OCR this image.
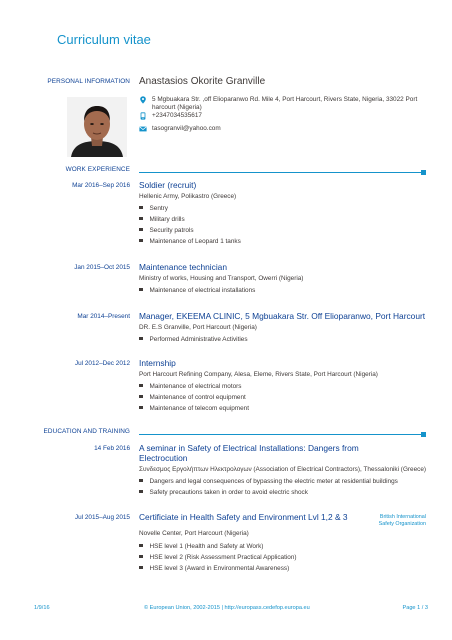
Curriculum vitae
PERSONAL INFORMATION Anastasios Okorite Granville
5 Mgbuakara Str. ,off Elioparanwo Rd. Mile 4, Port Harcourt, Rivers State, Nigeria, 33022 Port harcourt (Nigeria)
+2347034535617
tasogranvil@yahoo.com
WORK EXPERIENCE
Mar 2016–Sep 2016 Soldier (recruit)
Hellenic Army, Polikastro (Greece)
Sentry
Military drills
Security patrols
Maintenance of Leopard 1 tanks
Jan 2015–Oct 2015 Maintenance technician
Ministry of works, Housing and Transport, Owerri (Nigeria)
Maintenance of electrical installations
Mar 2014–Present Manager, EKEEMA CLINIC, 5 Mgbuakara Str. Off Elioparanwo, Port Harcourt
DR. E.S Granville, Port Harcourt (Nigeria)
Performed Administrative Activities
Jul 2012–Dec 2012 Internship
Port Harcourt Refining Company, Alesa, Eleme, Rivers State, Port Harcourt (Nigeria)
Maintenance of electrical motors
Maintenance of control equipment
Maintenance of telecom equipment
EDUCATION AND TRAINING
14 Feb 2016 A seminar in Safety of Electrical Installations: Dangers from
Electrocution
Συνδεσμος Εργολήπτων Ηλεκτρολογων (Association of Electrical Contractors), Thessaloniki (Greece)
Dangers and legal consequences of bypassing the electric meter at residential buildings
Safety precautions taken in order to avoid electric shock
Jul 2015–Aug 2015 Certificiate in Health Safety and Environment Lvl 1,2 & 3	British International
Safety Organization
Novelle Center, Port Harcourt (Nigeria)
HSE level 1 (Health and Safety at Work)
HSE level 2 (Risk Assessment Practical Application)
HSE level 3 (Award in Environmental Awareness)
1/9/16	© European Union, 2002-2015 | http://europass.cedefop.europa.eu	Page 1 / 3
